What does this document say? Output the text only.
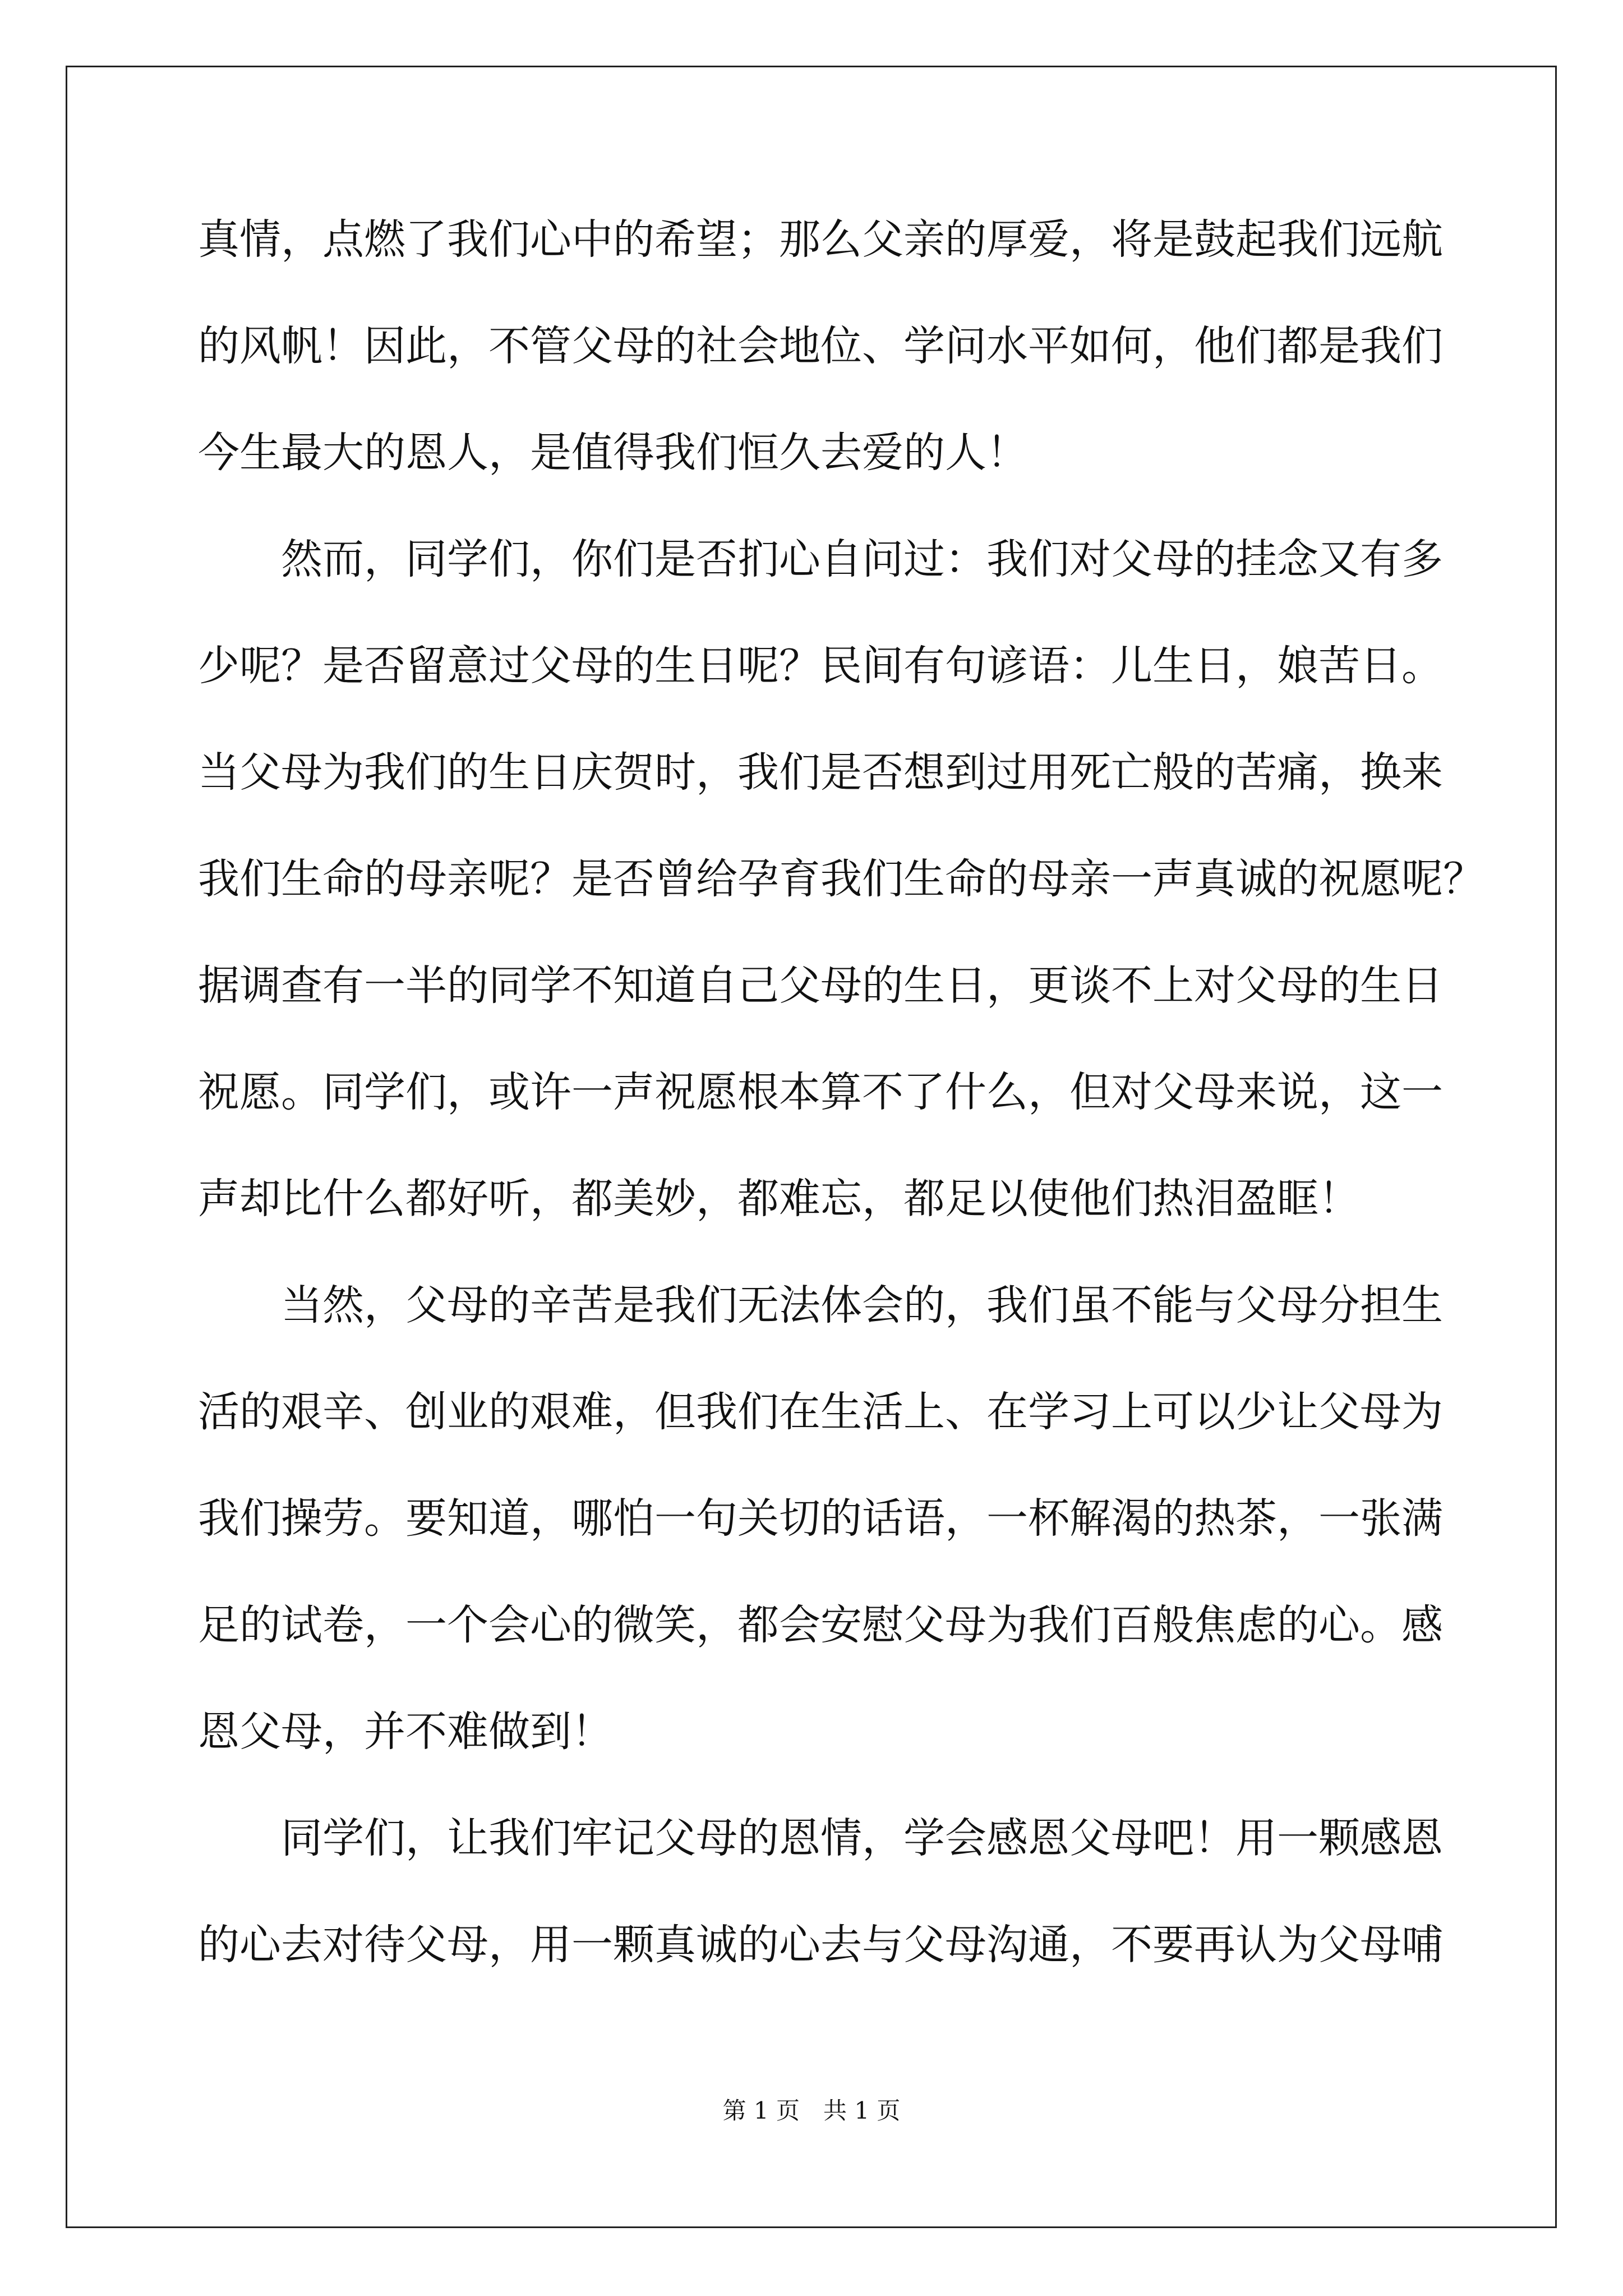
真情，点燃了我们心中的希望；那么父亲的厚爱，将是鼓起我们远航
的风帆！因此，不管父母的社会地位、学问水平如何，他们都是我们
今生最大的恩人，是值得我们恒久去爱的人！
然而，同学们，你们是否扪心自问过：我们对父母的挂念又有多
少呢？是否留意过父母的生日呢？民间有句谚语：儿生日，娘苦日。
当父母为我们的生日庆贺时，我们是否想到过用死亡般的苦痛，换来
我们生命的母亲呢？是否曾给孕育我们生命的母亲一声真诚的祝愿呢？
据调查有一半的同学不知道自己父母的生日，更谈不上对父母的生日
祝愿。同学们，或许一声祝愿根本算不了什么，但对父母来说，这一
声却比什么都好听，都美妙，都难忘，都足以使他们热泪盈眶！
当然，父母的辛苦是我们无法体会的，我们虽不能与父母分担生
活的艰辛、创业的艰难，但我们在生活上、在学习上可以少让父母为
我们操劳。要知道，哪怕一句关切的话语，一杯解渴的热茶，一张满
足的试卷，一个会心的微笑，都会安慰父母为我们百般焦虑的心。感
恩父母，并不难做到！
同学们，让我们牢记父母的恩情，学会感恩父母吧！用一颗感恩
的心去对待父母，用一颗真诚的心去与父母沟通，不要再认为父母哺
第 1 页　共 1 页
